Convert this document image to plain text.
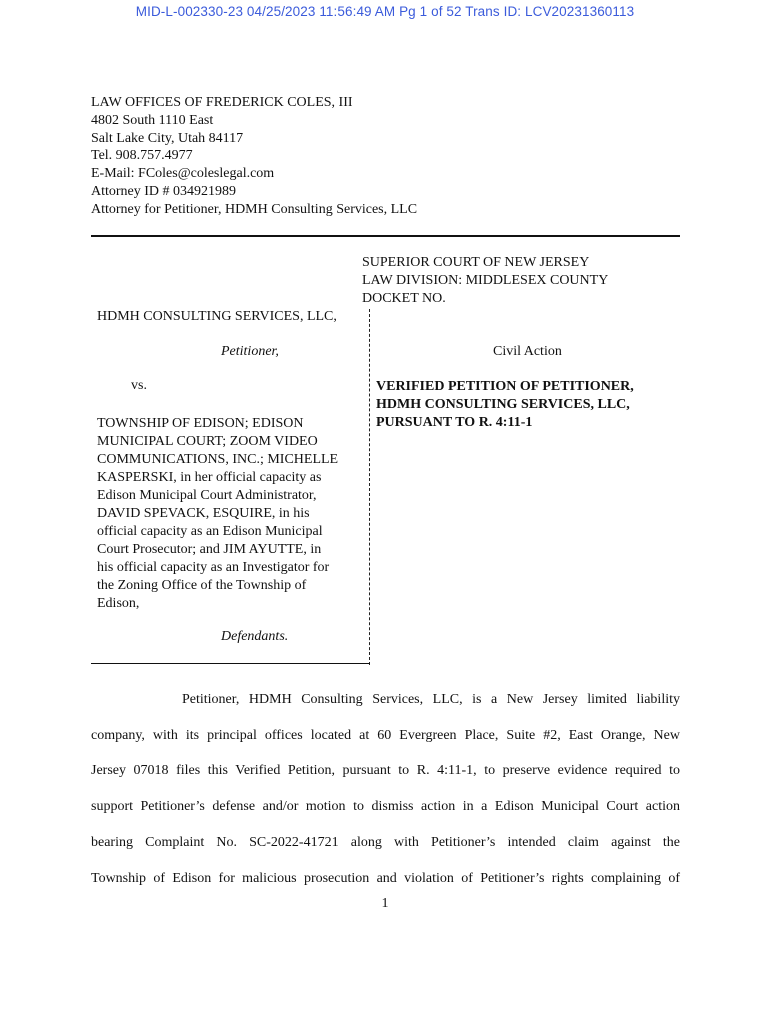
MID-L-002330-23 04/25/2023 11:56:49 AM Pg 1 of 52 Trans ID: LCV20231360113
LAW OFFICES OF FREDERICK COLES, III
4802 South 1110 East
Salt Lake City, Utah 84117
Tel. 908.757.4977
E-Mail: FColes@coleslegal.com
Attorney ID # 034921989
Attorney for Petitioner, HDMH Consulting Services, LLC
SUPERIOR COURT OF NEW JERSEY
LAW DIVISION: MIDDLESEX COUNTY
DOCKET NO.
HDMH CONSULTING SERVICES, LLC,
Petitioner,
vs.
TOWNSHIP OF EDISON; EDISON
MUNICIPAL COURT; ZOOM VIDEO
COMMUNICATIONS, INC.; MICHELLE
KASPERSKI, in her official capacity as
Edison Municipal Court Administrator,
DAVID SPEVACK, ESQUIRE, in his
official capacity as an Edison Municipal
Court Prosecutor; and JIM AYUTTE, in
his official capacity as an Investigator for
the Zoning Office of the Township of
Edison,
Defendants.
Civil Action
VERIFIED PETITION OF PETITIONER,
HDMH CONSULTING SERVICES, LLC,
PURSUANT TO R. 4:11-1
Petitioner, HDMH Consulting Services, LLC, is a New Jersey limited liability
company, with its principal offices located at 60 Evergreen Place, Suite #2, East Orange, New
Jersey 07018 files this Verified Petition, pursuant to R. 4:11-1, to preserve evidence required to
support Petitioner’s defense and/or motion to dismiss action in a Edison Municipal Court action
bearing Complaint No. SC-2022-41721 along with Petitioner’s intended claim against the
Township of Edison for malicious prosecution and violation of Petitioner’s rights complaining of
1
